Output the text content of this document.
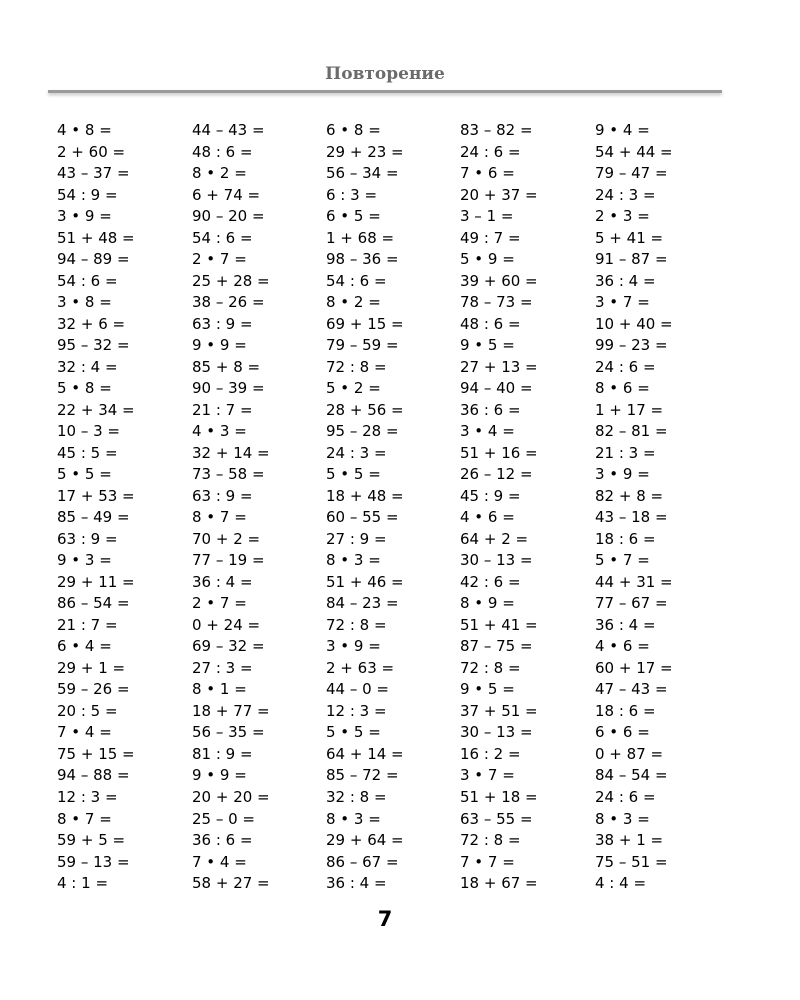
Повторение
4 • 8 =
2 + 60 =
43 – 37 =
54 : 9 =
3 • 9 =
51 + 48 =
94 – 89 =
54 : 6 =
3 • 8 =
32 + 6 =
95 – 32 =
32 : 4 =
5 • 8 =
22 + 34 =
10 – 3 =
45 : 5 =
5 • 5 =
17 + 53 =
85 – 49 =
63 : 9 =
9 • 3 =
29 + 11 =
86 – 54 =
21 : 7 =
6 • 4 =
29 + 1 =
59 – 26 =
20 : 5 =
7 • 4 =
75 + 15 =
94 – 88 =
12 : 3 =
8 • 7 =
59 + 5 =
59 – 13 =
4 : 1 =
44 – 43 =
48 : 6 =
8 • 2 =
6 + 74 =
90 – 20 =
54 : 6 =
2 • 7 =
25 + 28 =
38 – 26 =
63 : 9 =
9 • 9 =
85 + 8 =
90 – 39 =
21 : 7 =
4 • 3 =
32 + 14 =
73 – 58 =
63 : 9 =
8 • 7 =
70 + 2 =
77 – 19 =
36 : 4 =
2 • 7 =
0 + 24 =
69 – 32 =
27 : 3 =
8 • 1 =
18 + 77 =
56 – 35 =
81 : 9 =
9 • 9 =
20 + 20 =
25 – 0 =
36 : 6 =
7 • 4 =
58 + 27 =
6 • 8 =
29 + 23 =
56 – 34 =
6 : 3 =
6 • 5 =
1 + 68 =
98 – 36 =
54 : 6 =
8 • 2 =
69 + 15 =
79 – 59 =
72 : 8 =
5 • 2 =
28 + 56 =
95 – 28 =
24 : 3 =
5 • 5 =
18 + 48 =
60 – 55 =
27 : 9 =
8 • 3 =
51 + 46 =
84 – 23 =
72 : 8 =
3 • 9 =
2 + 63 =
44 – 0 =
12 : 3 =
5 • 5 =
64 + 14 =
85 – 72 =
32 : 8 =
8 • 3 =
29 + 64 =
86 – 67 =
36 : 4 =
83 – 82 =
24 : 6 =
7 • 6 =
20 + 37 =
3 – 1 =
49 : 7 =
5 • 9 =
39 + 60 =
78 – 73 =
48 : 6 =
9 • 5 =
27 + 13 =
94 – 40 =
36 : 6 =
3 • 4 =
51 + 16 =
26 – 12 =
45 : 9 =
4 • 6 =
64 + 2 =
30 – 13 =
42 : 6 =
8 • 9 =
51 + 41 =
87 – 75 =
72 : 8 =
9 • 5 =
37 + 51 =
30 – 13 =
16 : 2 =
3 • 7 =
51 + 18 =
63 – 55 =
72 : 8 =
7 • 7 =
18 + 67 =
9 • 4 =
54 + 44 =
79 – 47 =
24 : 3 =
2 • 3 =
5 + 41 =
91 – 87 =
36 : 4 =
3 • 7 =
10 + 40 =
99 – 23 =
24 : 6 =
8 • 6 =
1 + 17 =
82 – 81 =
21 : 3 =
3 • 9 =
82 + 8 =
43 – 18 =
18 : 6 =
5 • 7 =
44 + 31 =
77 – 67 =
36 : 4 =
4 • 6 =
60 + 17 =
47 – 43 =
18 : 6 =
6 • 6 =
0 + 87 =
84 – 54 =
24 : 6 =
8 • 3 =
38 + 1 =
75 – 51 =
4 : 4 =
7
